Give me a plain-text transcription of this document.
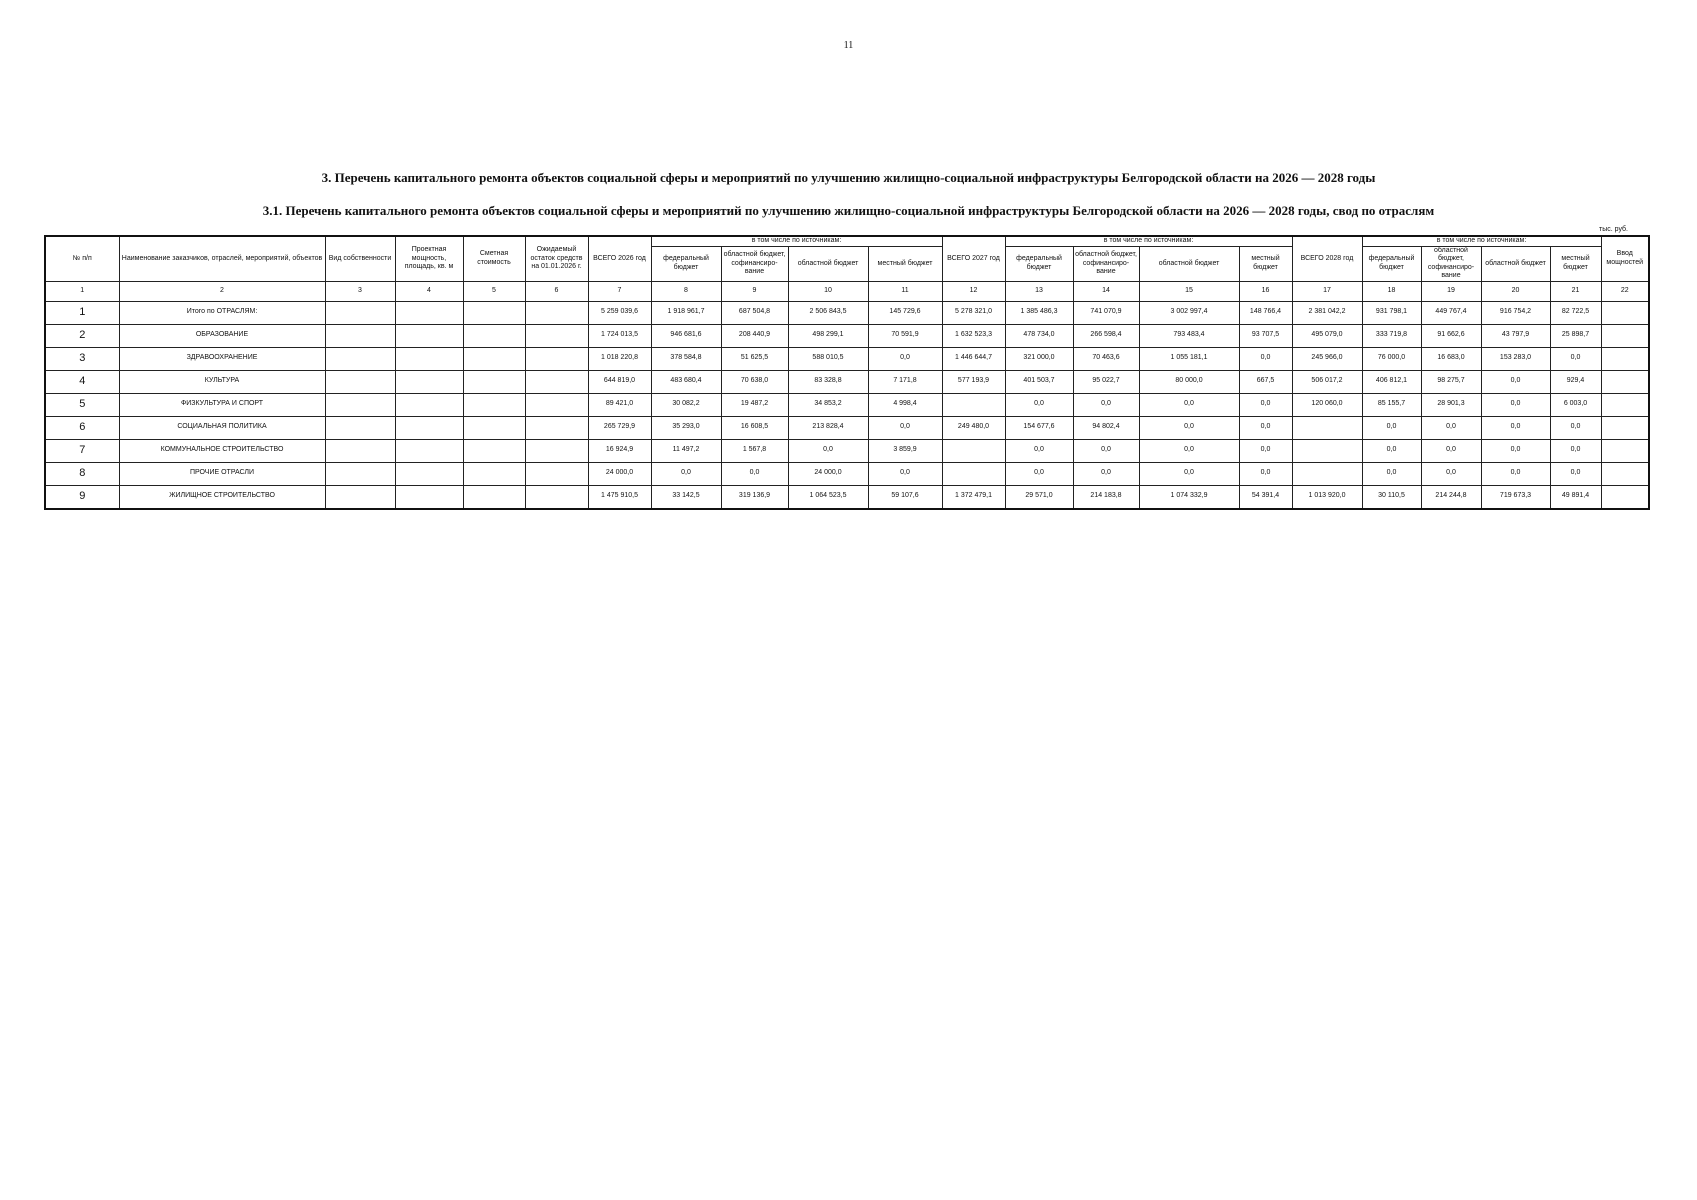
11
3. Перечень капитального ремонта объектов социальной сферы и мероприятий по улучшению жилищно-социальной инфраструктуры Белгородской области на 2026 — 2028 годы
3.1. Перечень капитального ремонта объектов социальной сферы и мероприятий по улучшению жилищно-социальной инфраструктуры Белгородской области на 2026 — 2028 годы, свод по отраслям
тыс. руб.
№ п/п	Наименование заказчиков, отраслей, мероприятий, объектов	Вид собственности	Проектная мощность, площадь, кв. м	Сметная стоимость	Ожидаемый остаток средств на 01.01.2026 г.	ВСЕГО 2026 год	в том числе по источникам:				ВСЕГО 2027 год	в том числе по источникам:				ВСЕГО 2028 год	в том числе по источникам:				Ввод мощностей
							федеральный бюджет	областной бюджет, софинансиро-вание	областной бюджет	местный бюджет		федеральный бюджет	областной бюджет, софинансиро-вание	областной бюджет	местный бюджет		федеральный бюджет	областной бюджет, софинансиро-вание	областной бюджет	местный бюджет	
1	2	3	4	5	6	7	8	9	10	11	12	13	14	15	16	17	18	19	20	21	22
1	Итого по ОТРАСЛЯМ:					5 259 039,6	1 918 961,7	687 504,8	2 506 843,5	145 729,6	5 278 321,0	1 385 486,3	741 070,9	3 002 997,4	148 766,4	2 381 042,2	931 798,1	449 767,4	916 754,2	82 722,5	
2	ОБРАЗОВАНИЕ					1 724 013,5	946 681,6	208 440,9	498 299,1	70 591,9	1 632 523,3	478 734,0	266 598,4	793 483,4	93 707,5	495 079,0	333 719,8	91 662,6	43 797,9	25 898,7	
3	ЗДРАВООХРАНЕНИЕ					1 018 220,8	378 584,8	51 625,5	588 010,5	0,0	1 446 644,7	321 000,0	70 463,6	1 055 181,1	0,0	245 966,0	76 000,0	16 683,0	153 283,0	0,0	
4	КУЛЬТУРА					644 819,0	483 680,4	70 638,0	83 328,8	7 171,8	577 193,9	401 503,7	95 022,7	80 000,0	667,5	506 017,2	406 812,1	98 275,7	0,0	929,4	
5	ФИЗКУЛЬТУРА И СПОРТ					89 421,0	30 082,2	19 487,2	34 853,2	4 998,4		0,0	0,0	0,0	0,0	120 060,0	85 155,7	28 901,3	0,0	6 003,0	
6	СОЦИАЛЬНАЯ ПОЛИТИКА					265 729,9	35 293,0	16 608,5	213 828,4	0,0	249 480,0	154 677,6	94 802,4	0,0	0,0		0,0	0,0	0,0	0,0	
7	КОММУНАЛЬНОЕ СТРОИТЕЛЬСТВО					16 924,9	11 497,2	1 567,8	0,0	3 859,9		0,0	0,0	0,0	0,0		0,0	0,0	0,0	0,0	
8	ПРОЧИЕ ОТРАСЛИ					24 000,0	0,0	0,0	24 000,0	0,0		0,0	0,0	0,0	0,0		0,0	0,0	0,0	0,0	
9	ЖИЛИЩНОЕ СТРОИТЕЛЬСТВО					1 475 910,5	33 142,5	319 136,9	1 064 523,5	59 107,6	1 372 479,1	29 571,0	214 183,8	1 074 332,9	54 391,4	1 013 920,0	30 110,5	214 244,8	719 673,3	49 891,4	
